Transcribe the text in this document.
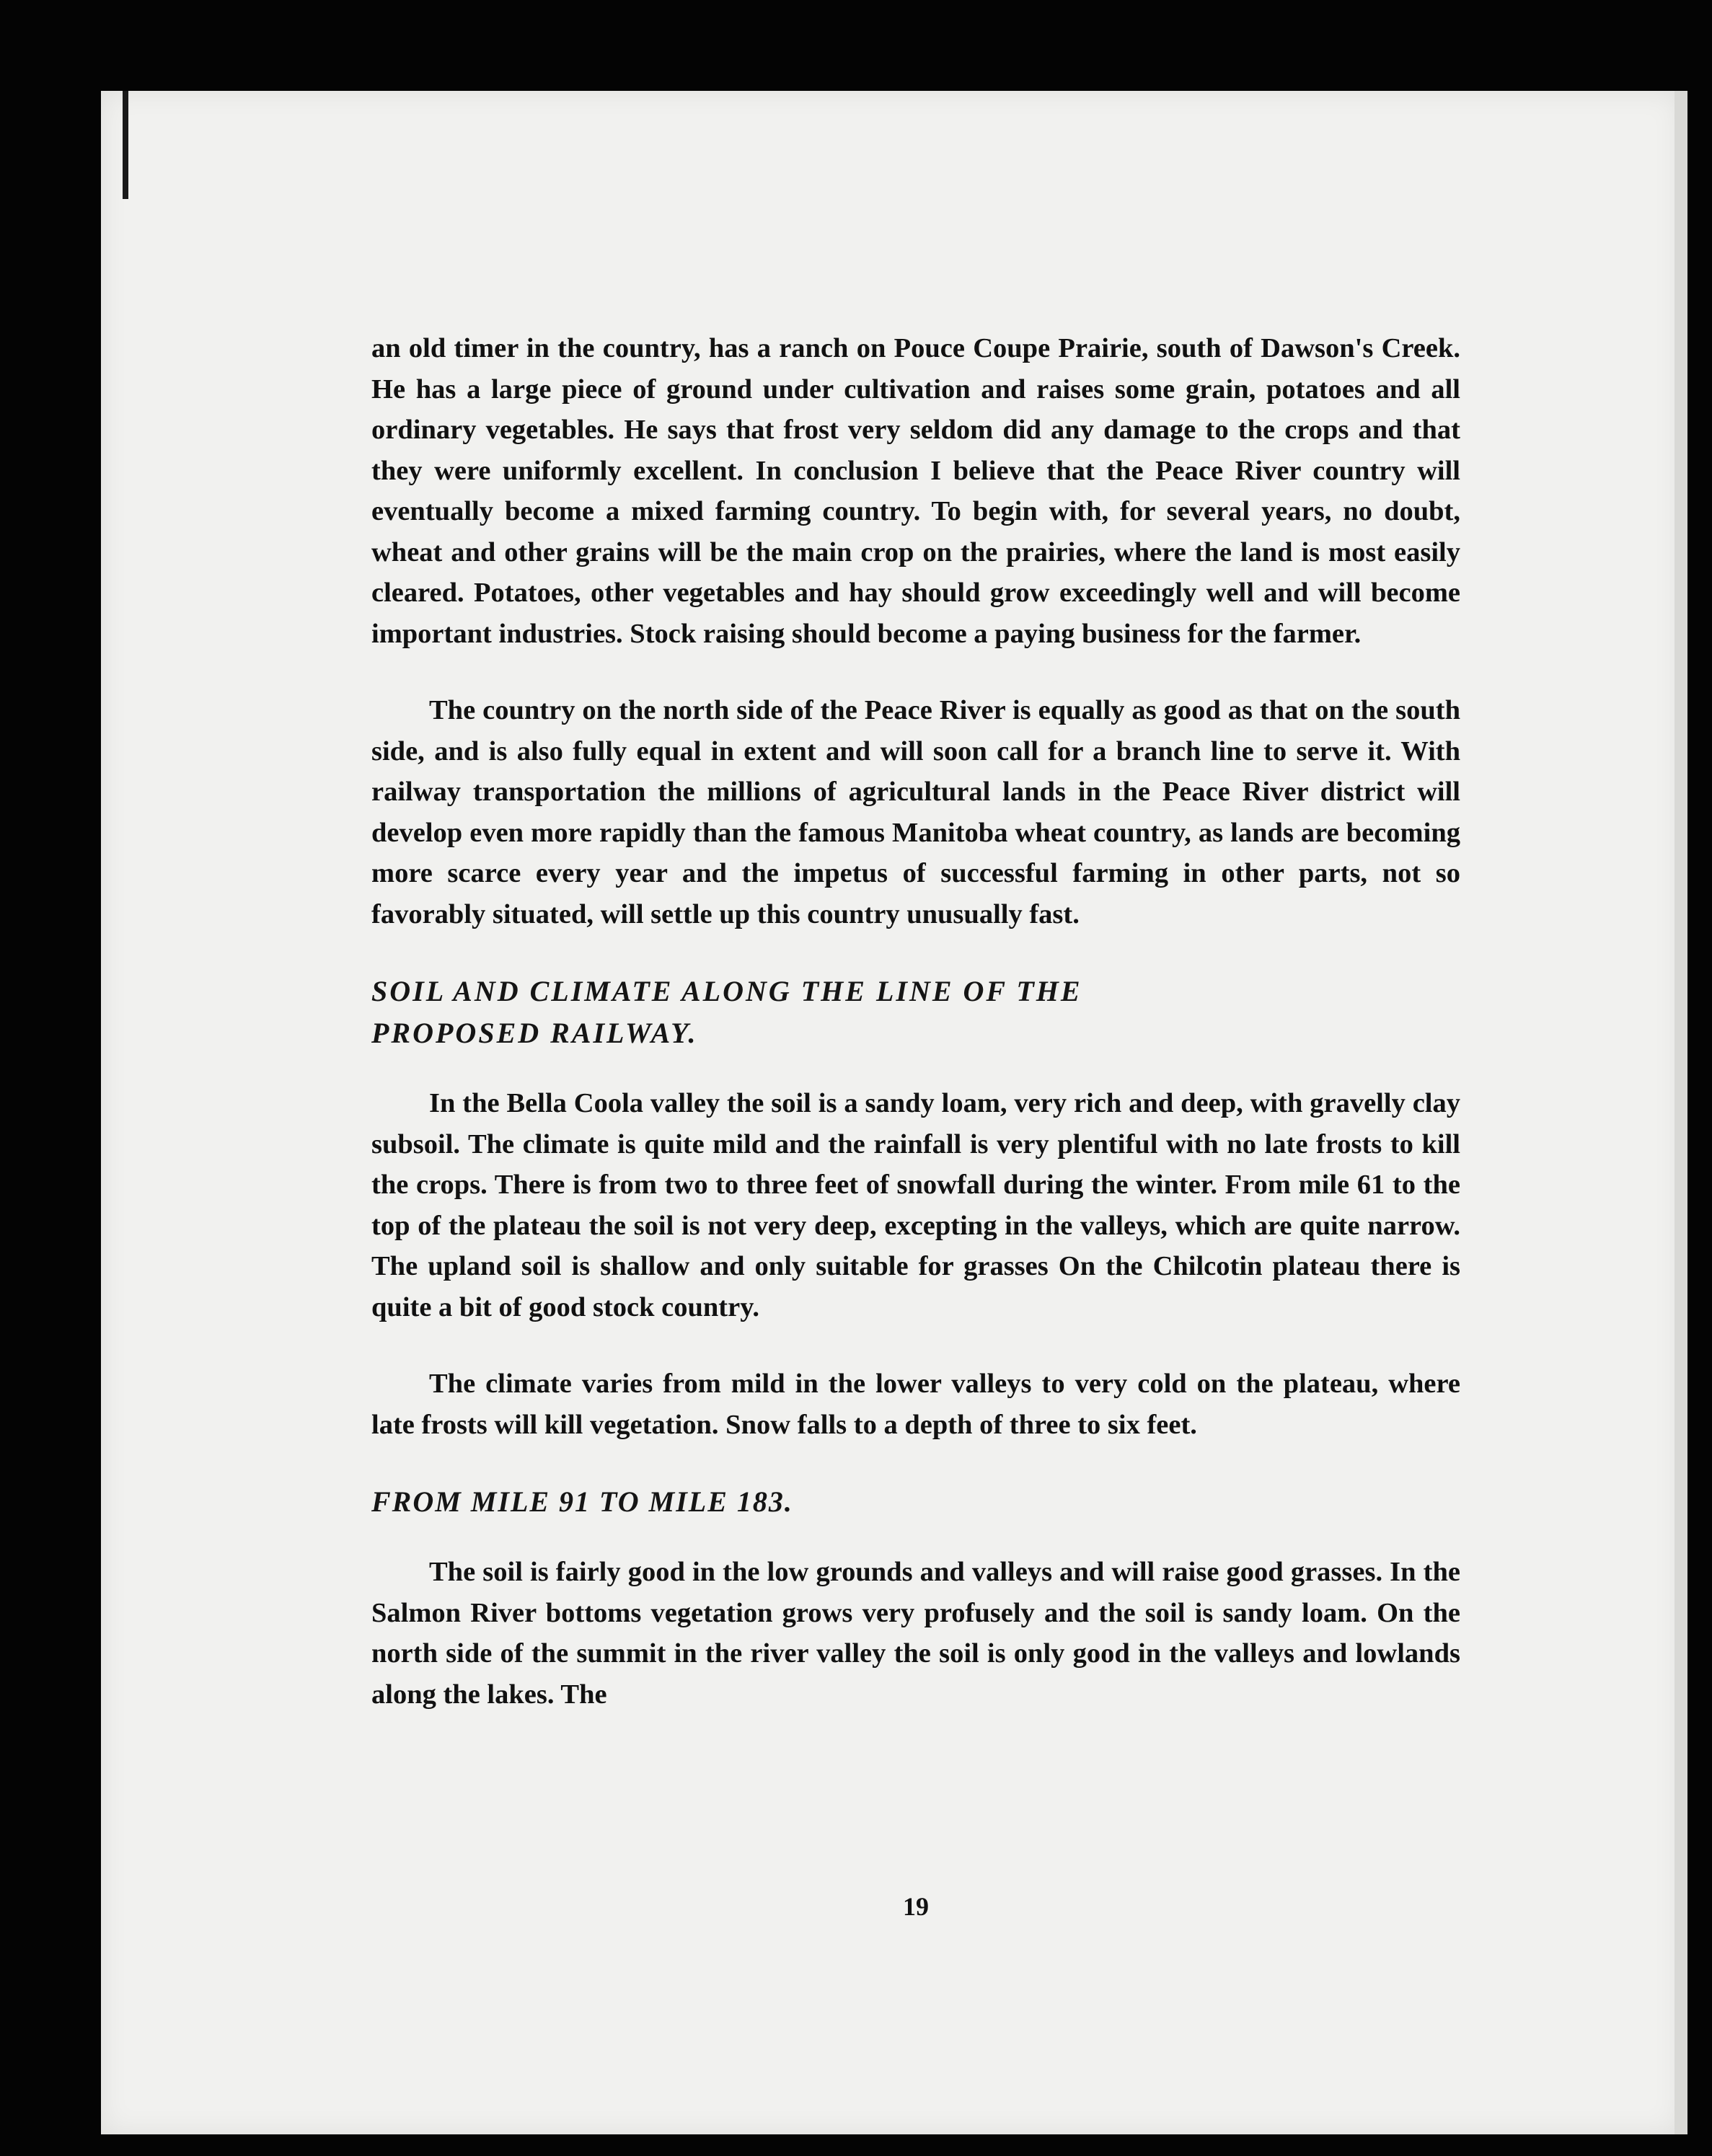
an old timer in the country, has a ranch on Pouce Coupe Prairie, south of Dawson's Creek. He has a large piece of ground under cultivation and raises some grain, potatoes and all ordinary vegetables. He says that frost very seldom did any damage to the crops and that they were uniformly excellent. In conclusion I believe that the Peace River country will eventually become a mixed farming country. To begin with, for several years, no doubt, wheat and other grains will be the main crop on the prairies, where the land is most easily cleared. Potatoes, other vegetables and hay should grow exceedingly well and will become important industries. Stock raising should become a paying business for the farmer.

The country on the north side of the Peace River is equally as good as that on the south side, and is also fully equal in extent and will soon call for a branch line to serve it. With railway transportation the millions of agricultural lands in the Peace River district will develop even more rapidly than the famous Manitoba wheat country, as lands are becoming more scarce every year and the impetus of successful farming in other parts, not so favorably situated, will settle up this country unusually fast.

SOIL AND CLIMATE ALONG THE LINE OF THE
PROPOSED RAILWAY.

In the Bella Coola valley the soil is a sandy loam, very rich and deep, with gravelly clay subsoil. The climate is quite mild and the rainfall is very plentiful with no late frosts to kill the crops. There is from two to three feet of snowfall during the winter. From mile 61 to the top of the plateau the soil is not very deep, excepting in the valleys, which are quite narrow. The upland soil is shallow and only suitable for grasses On the Chilcotin plateau there is quite a bit of good stock country.

The climate varies from mild in the lower valleys to very cold on the plateau, where late frosts will kill vegetation. Snow falls to a depth of three to six feet.

FROM MILE 91 TO MILE 183.

The soil is fairly good in the low grounds and valleys and will raise good grasses. In the Salmon River bottoms vegetation grows very profusely and the soil is sandy loam. On the north side of the summit in the river valley the soil is only good in the valleys and lowlands along the lakes. The

19
